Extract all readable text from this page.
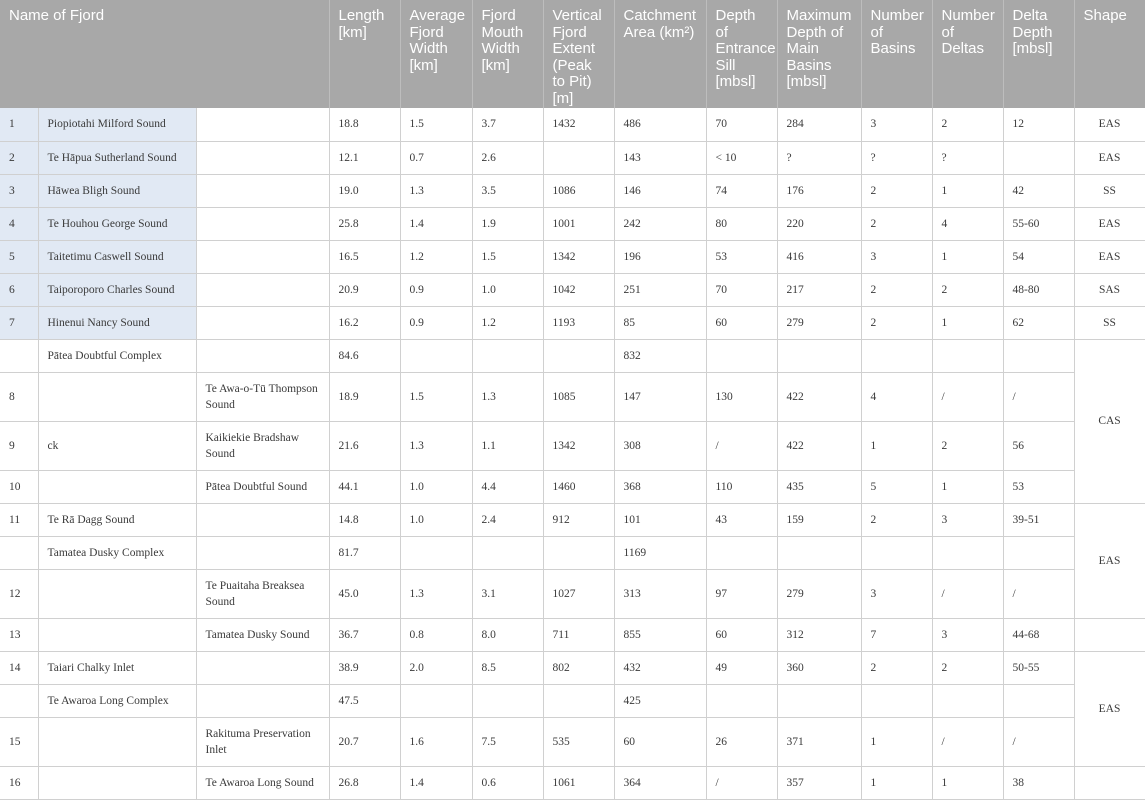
Name of Fjord			Length [km]	Average Fjord Width [km]	Fjord Mouth Width [km]	Vertical Fjord Extent (Peak to Pit) [m]	Catchment Area (km²)	Depth of Entrance Sill [mbsl]	Maximum Depth of Main Basins [mbsl]	Number of Basins	Number of Deltas	Delta Depth [mbsl]	Shape
1	Piopiotahi Milford Sound		18.8	1.5	3.7	1432	486	70	284	3	2	12	EAS
2	Te Hāpua Sutherland Sound		12.1	0.7	2.6		143	< 10	?	?	?		EAS
3	Hāwea Bligh Sound		19.0	1.3	3.5	1086	146	74	176	2	1	42	SS
4	Te Houhou George Sound		25.8	1.4	1.9	1001	242	80	220	2	4	55-60	EAS
5	Taitetimu Caswell Sound		16.5	1.2	1.5	1342	196	53	416	3	1	54	EAS
6	Taiporoporo Charles Sound		20.9	0.9	1.0	1042	251	70	217	2	2	48-80	SAS
7	Hinenui Nancy Sound		16.2	0.9	1.2	1193	85	60	279	2	1	62	SS
	Pātea Doubtful Complex		84.6				832						CAS
8		Te Awa-o-Tū Thompson Sound	18.9	1.5	1.3	1085	147	130	422	4	/	/	
9	ck	Kaikiekie Bradshaw Sound	21.6	1.3	1.1	1342	308	/	422	1	2	56	
10		Pātea Doubtful Sound	44.1	1.0	4.4	1460	368	110	435	5	1	53	
11	Te Rā Dagg Sound		14.8	1.0	2.4	912	101	43	159	2	3	39-51	EAS
	Tamatea Dusky Complex		81.7				1169						
12		Te Puaitaha Breaksea Sound	45.0	1.3	3.1	1027	313	97	279	3	/	/	
13		Tamatea Dusky Sound	36.7	0.8	8.0	711	855	60	312	7	3	44-68	
14	Taiari Chalky Inlet		38.9	2.0	8.5	802	432	49	360	2	2	50-55	EAS
	Te Awaroa Long Complex		47.5				425						
15		Rakituma Preservation Inlet	20.7	1.6	7.5	535	60	26	371	1	/	/	
16		Te Awaroa Long Sound	26.8	1.4	0.6	1061	364	/	357	1	1	38	
